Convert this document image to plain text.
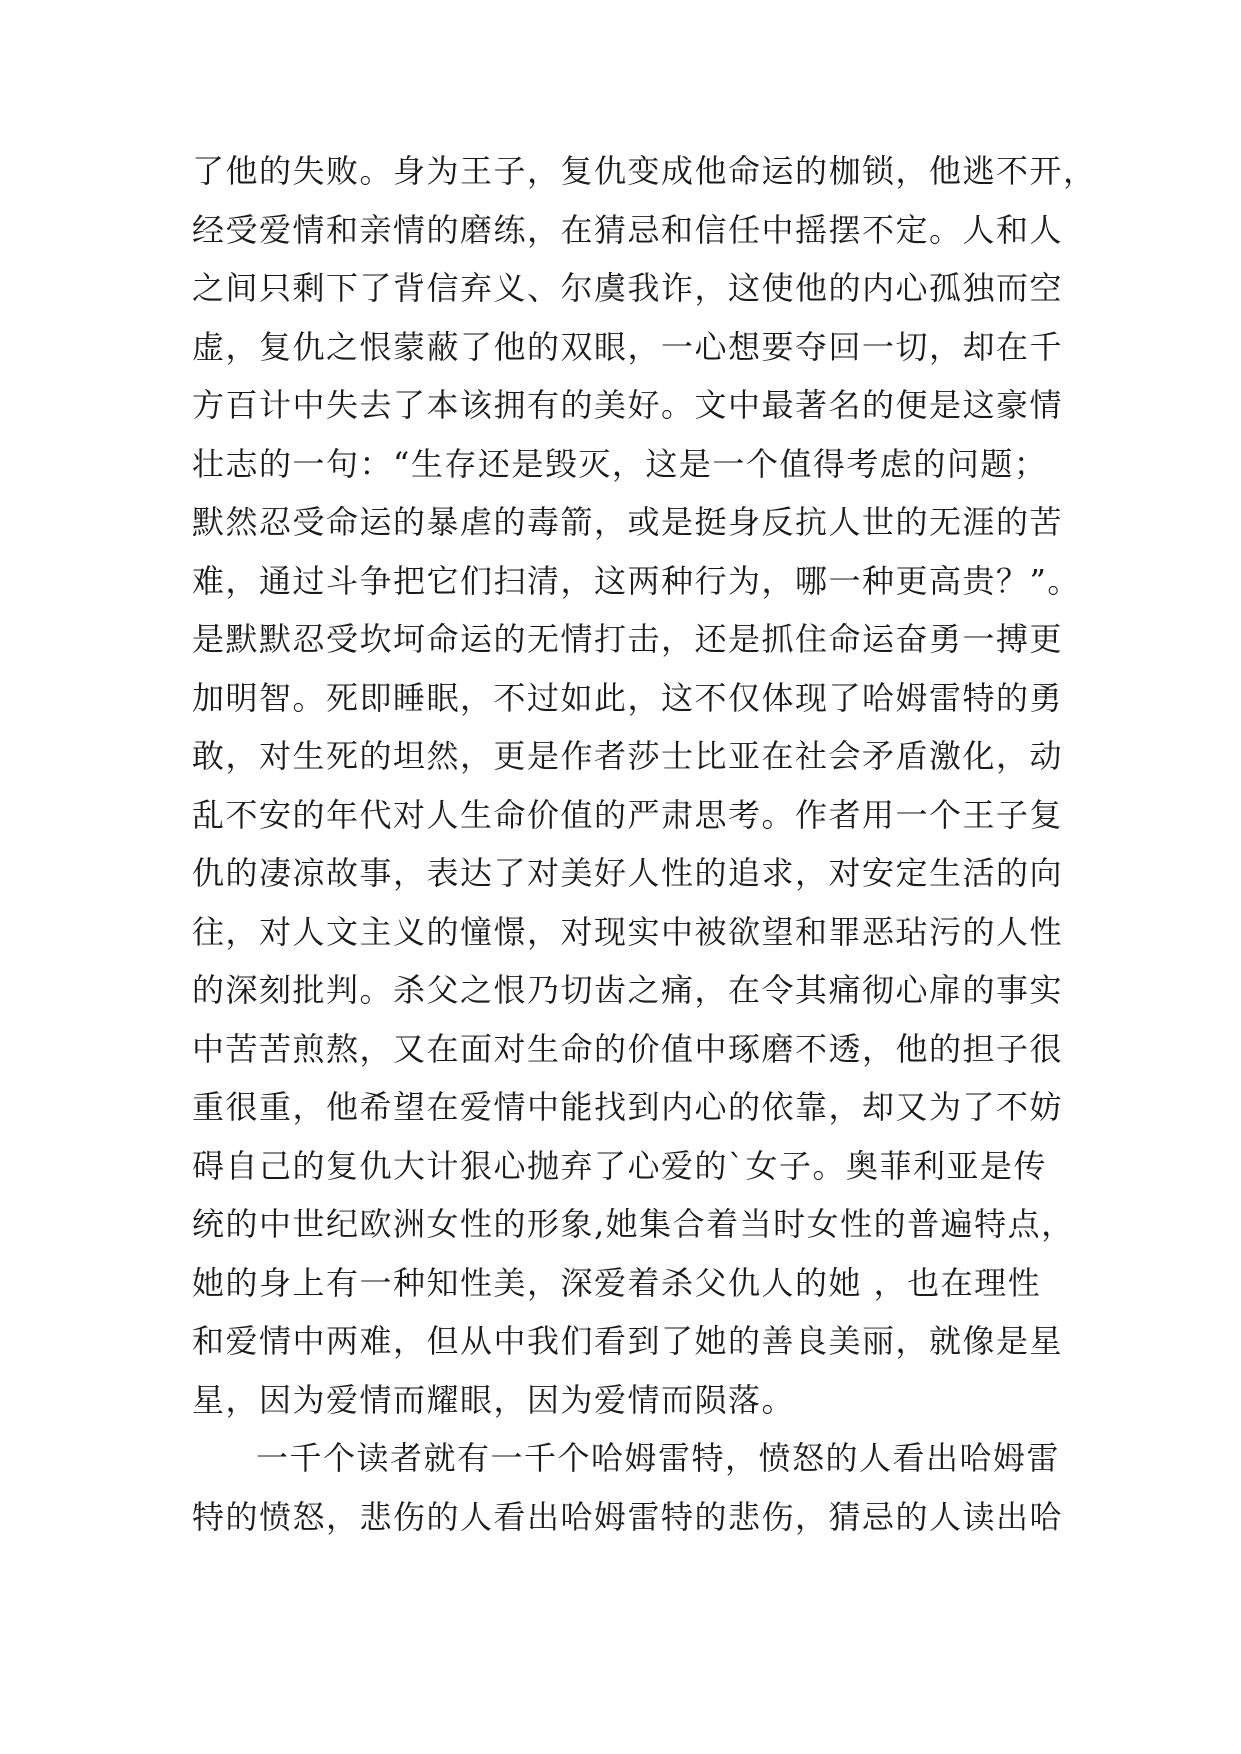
了他的失败。身为王子，复仇变成他命运的枷锁，他逃不开，
经受爱情和亲情的磨练，在猜忌和信任中摇摆不定。人和人
之间只剩下了背信弃义、尔虞我诈，这使他的内心孤独而空
虚，复仇之恨蒙蔽了他的双眼，一心想要夺回一切，却在千
方百计中失去了本该拥有的美好。文中最著名的便是这豪情
壮志的一句：“生存还是毁灭，这是一个值得考虑的问题；
默然忍受命运的暴虐的毒箭，或是挺身反抗人世的无涯的苦
难，通过斗争把它们扫清，这两种行为，哪一种更高贵？”。
是默默忍受坎坷命运的无情打击，还是抓住命运奋勇一搏更
加明智。死即睡眠，不过如此，这不仅体现了哈姆雷特的勇
敢，对生死的坦然，更是作者莎士比亚在社会矛盾激化，动
乱不安的年代对人生命价值的严肃思考。作者用一个王子复
仇的凄凉故事，表达了对美好人性的追求，对安定生活的向
往，对人文主义的憧憬，对现实中被欲望和罪恶玷污的人性
的深刻批判。杀父之恨乃切齿之痛，在令其痛彻心扉的事实
中苦苦煎熬，又在面对生命的价值中琢磨不透，他的担子很
重很重，他希望在爱情中能找到内心的依靠，却又为了不妨
碍自己的复仇大计狠心抛弃了心爱的`女子。奥菲利亚是传
统的中世纪欧洲女性的形象,她集合着当时女性的普遍特点，
她的身上有一种知性美，深爱着杀父仇人的她 ，也在理性
和爱情中两难，但从中我们看到了她的善良美丽，就像是星
星，因为爱情而耀眼，因为爱情而陨落。
一千个读者就有一千个哈姆雷特，愤怒的人看出哈姆雷
特的愤怒，悲伤的人看出哈姆雷特的悲伤，猜忌的人读出哈
